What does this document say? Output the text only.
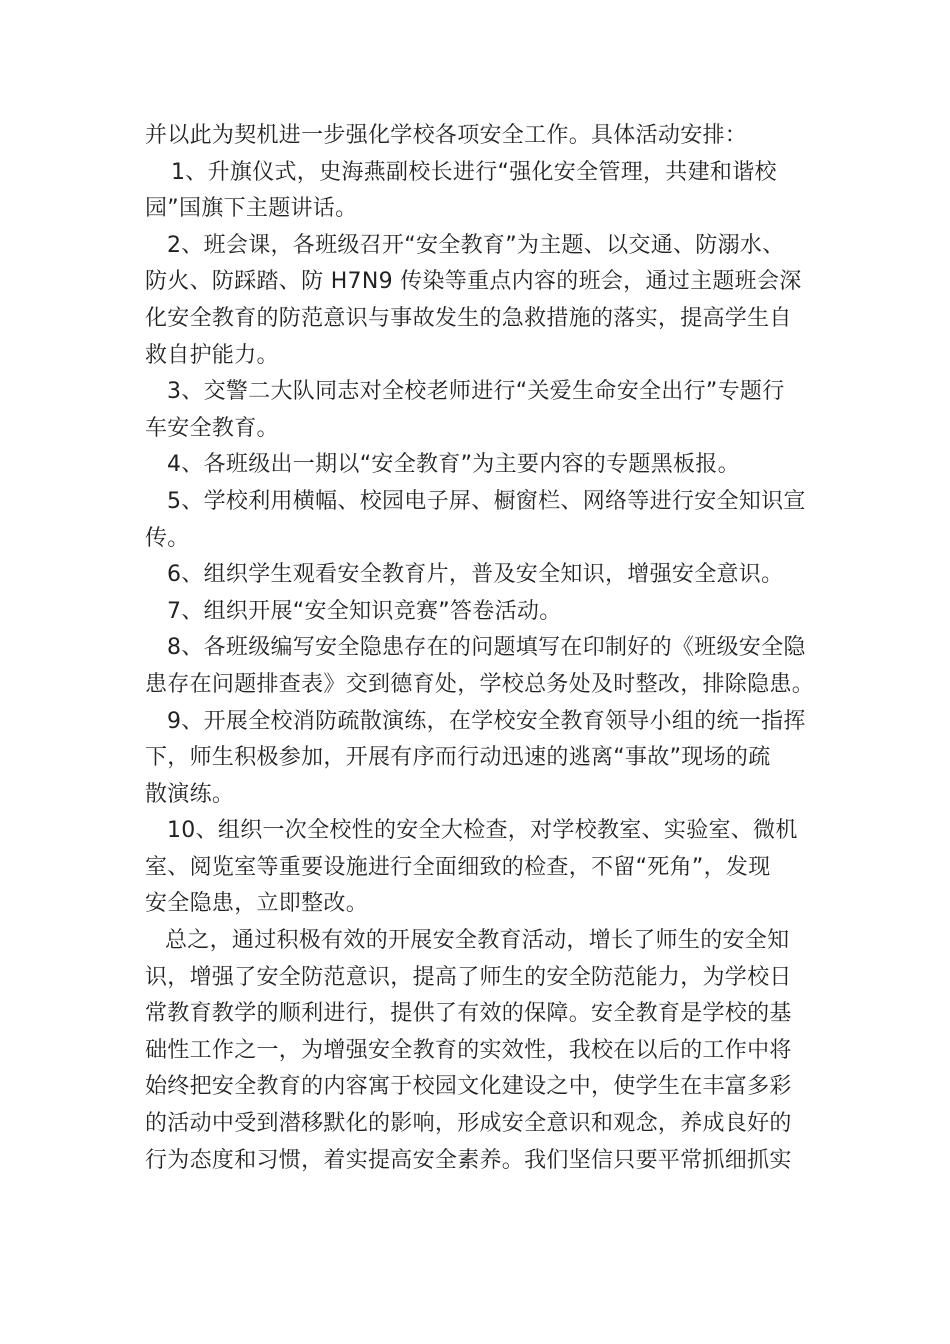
并以此为契机进一步强化学校各项安全工作。具体活动安排：
1、升旗仪式，史海燕副校长进行“强化安全管理，共建和谐校
园”国旗下主题讲话。
2、班会课，各班级召开“安全教育”为主题、以交通、防溺水、
防火、防踩踏、防 H7N9 传染等重点内容的班会，通过主题班会深
化安全教育的防范意识与事故发生的急救措施的落实，提高学生自
救自护能力。
3、交警二大队同志对全校老师进行“关爱生命安全出行”专题行
车安全教育。
4、各班级出一期以“安全教育”为主要内容的专题黑板报。
5、学校利用横幅、校园电子屏、橱窗栏、网络等进行安全知识宣
传。
6、组织学生观看安全教育片，普及安全知识，增强安全意识。
7、组织开展“安全知识竞赛”答卷活动。
8、各班级编写安全隐患存在的问题填写在印制好的《班级安全隐
患存在问题排查表》交到德育处，学校总务处及时整改，排除隐患。
9、开展全校消防疏散演练，在学校安全教育领导小组的统一指挥
下，师生积极参加，开展有序而行动迅速的逃离“事故”现场的疏
散演练。
10、组织一次全校性的安全大检查，对学校教室、实验室、微机
室、阅览室等重要设施进行全面细致的检查，不留“死角”，发现
安全隐患，立即整改。
总之，通过积极有效的开展安全教育活动，增长了师生的安全知
识，增强了安全防范意识，提高了师生的安全防范能力，为学校日
常教育教学的顺利进行，提供了有效的保障。安全教育是学校的基
础性工作之一，为增强安全教育的实效性，我校在以后的工作中将
始终把安全教育的内容寓于校园文化建设之中，使学生在丰富多彩
的活动中受到潜移默化的影响，形成安全意识和观念，养成良好的
行为态度和习惯，着实提高安全素养。我们坚信只要平常抓细抓实
